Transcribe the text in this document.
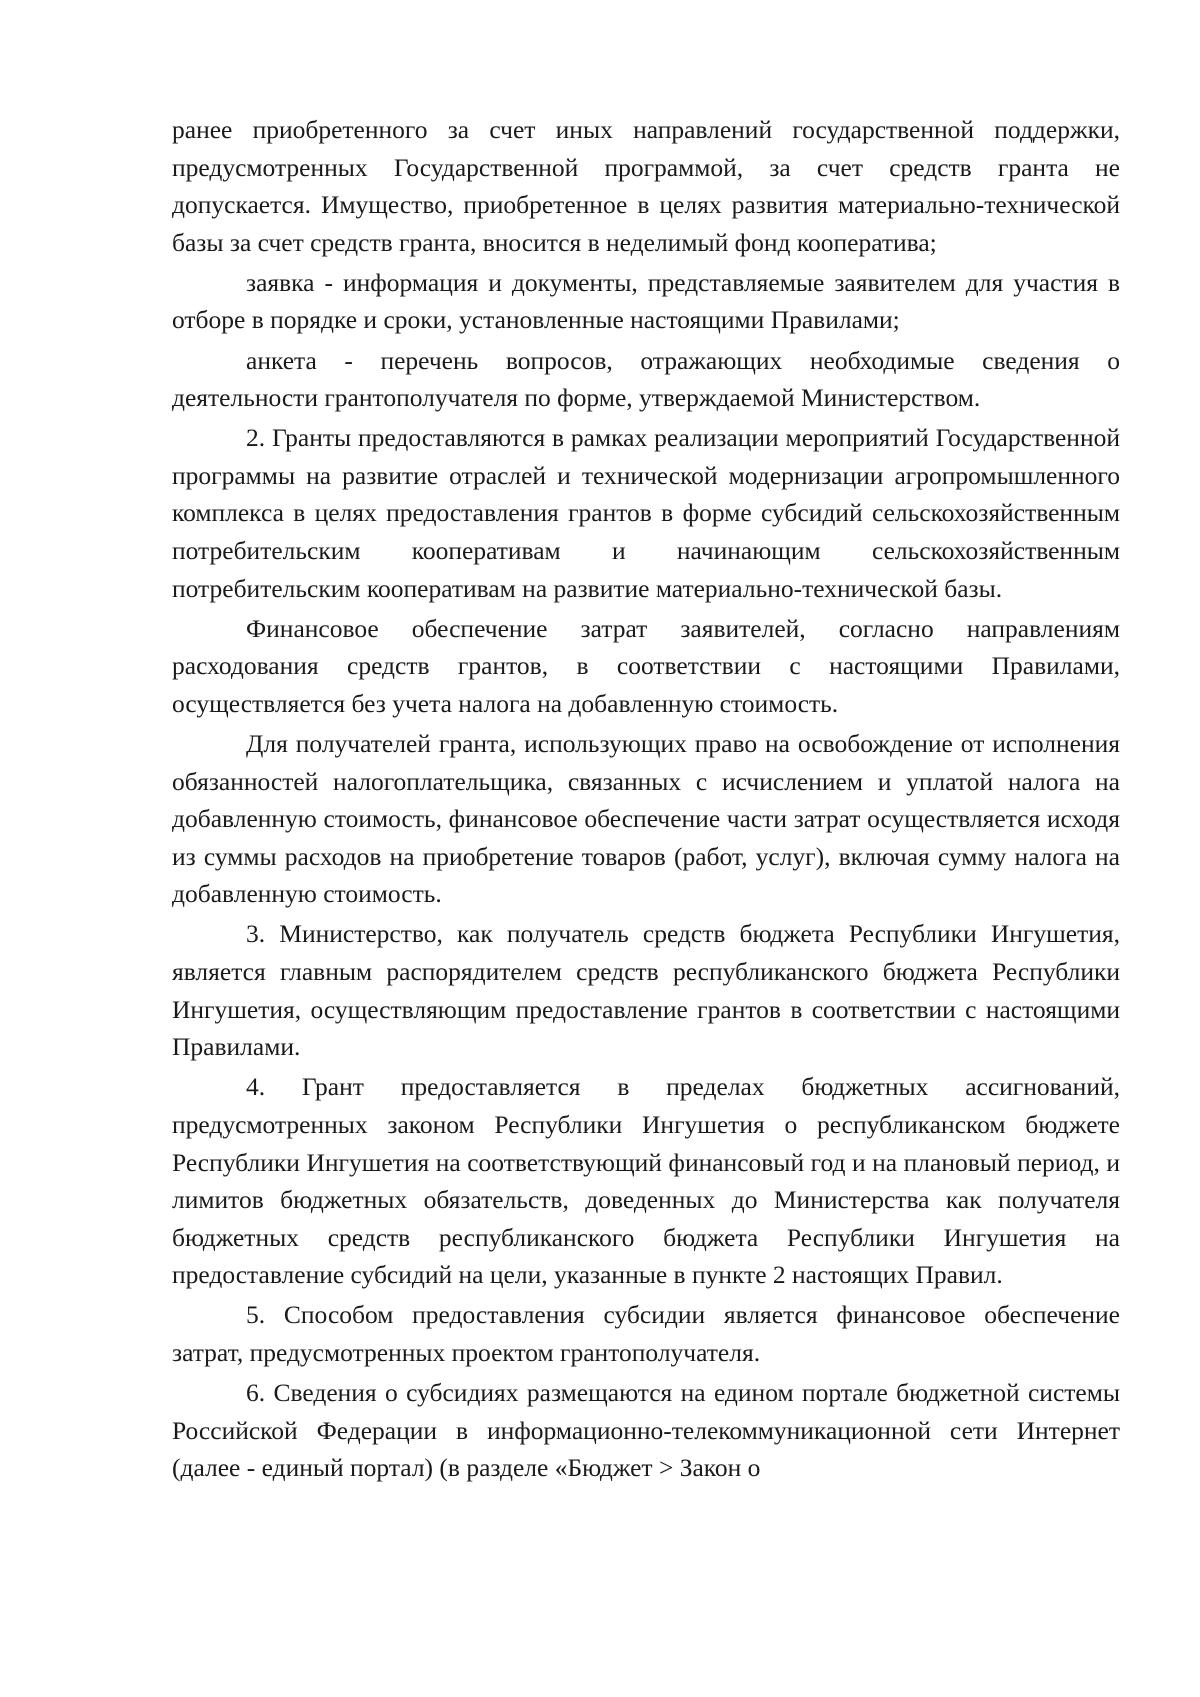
ранее приобретенного за счет иных направлений государственной поддержки, предусмотренных Государственной программой, за счет средств гранта не допускается. Имущество, приобретенное в целях развития материально-технической базы за счет средств гранта, вносится в неделимый фонд кооператива;

заявка - информация и документы, представляемые заявителем для участия в отборе в порядке и сроки, установленные настоящими Правилами;

анкета - перечень вопросов, отражающих необходимые сведения о деятельности грантополучателя по форме, утверждаемой Министерством.

2. Гранты предоставляются в рамках реализации мероприятий Государственной программы на развитие отраслей и технической модернизации агропромышленного комплекса в целях предоставления грантов в форме субсидий сельскохозяйственным потребительским кооперативам и начинающим сельскохозяйственным потребительским кооперативам на развитие материально-технической базы.

Финансовое обеспечение затрат заявителей, согласно направлениям расходования средств грантов, в соответствии с настоящими Правилами, осуществляется без учета налога на добавленную стоимость.

Для получателей гранта, использующих право на освобождение от исполнения обязанностей налогоплательщика, связанных с исчислением и уплатой налога на добавленную стоимость, финансовое обеспечение части затрат осуществляется исходя из суммы расходов на приобретение товаров (работ, услуг), включая сумму налога на добавленную стоимость.

3. Министерство, как получатель средств бюджета Республики Ингушетия, является главным распорядителем средств республиканского бюджета Республики Ингушетия, осуществляющим предоставление грантов в соответствии с настоящими Правилами.

4. Грант предоставляется в пределах бюджетных ассигнований, предусмотренных законом Республики Ингушетия о республиканском бюджете Республики Ингушетия на соответствующий финансовый год и на плановый период, и лимитов бюджетных обязательств, доведенных до Министерства как получателя бюджетных средств республиканского бюджета Республики Ингушетия на предоставление субсидий на цели, указанные в пункте 2 настоящих Правил.

5. Способом предоставления субсидии является финансовое обеспечение затрат, предусмотренных проектом грантополучателя.

6. Сведения о субсидиях размещаются на едином портале бюджетной системы Российской Федерации в информационно-телекоммуникационной сети Интернет (далее - единый портал) (в разделе «Бюджет > Закон о
